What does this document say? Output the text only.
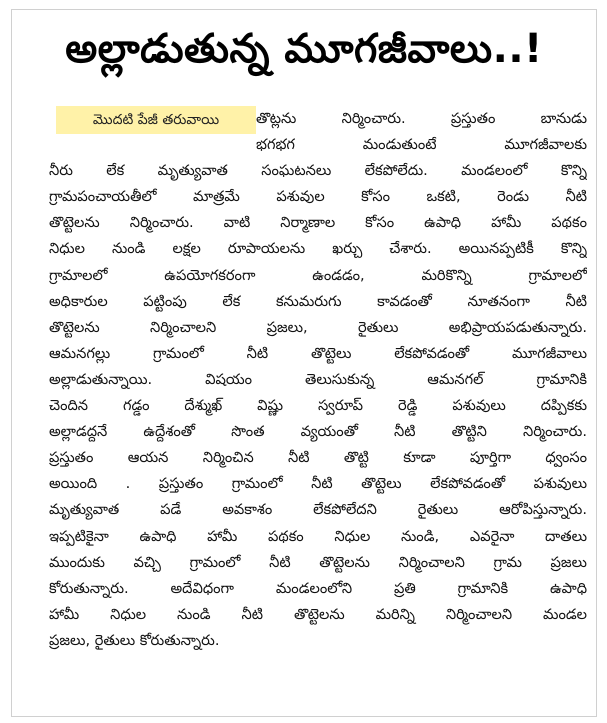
అల్లాడుతున్న మూగజీవాలు..!
తొట్లను నిర్మించారు. ప్రస్తుతం బానుడు
భగభగ మండుతుంటే మూగజీవాలకు
నీరు లేక మృత్యువాత సంఘటనలు లేకపోలేదు. మండలంలో కొన్ని
గ్రామపంచాయతీలో మాత్రమే పశువుల కోసం ఒకటి, రెండు నీటి
తొట్టెలను నిర్మించారు. వాటి నిర్మాణాల కోసం ఉపాధి హామీ పథకం
నిధుల నుండి లక్షల రూపాయలను ఖర్చు చేశారు. అయినప్పటికీ కొన్ని
గ్రామాలలో ఉపయోగకరంగా ఉండడం, మరికొన్ని గ్రామాలలో
అధికారుల పట్టింపు లేక కనుమరుగు కావడంతో నూతనంగా నీటి
తొట్టెలను నిర్మించాలని ప్రజలు, రైతులు అభిప్రాయపడుతున్నారు.
ఆమనగల్లు గ్రామంలో నీటి తొట్టెలు లేకపోవడంతో మూగజీవాలు
అల్లాడుతున్నాయి. విషయం తెలుసుకున్న ఆమనగల్ గ్రామానికి
చెందిన గడ్డం దేశ్ముఖ్ విష్ణు స్వరూప్ రెడ్డి పశువులు దప్పికకు
అల్లాడద్దనే ఉద్దేశంతో సొంత వ్యయంతో నీటి తొట్టిని నిర్మించారు.
ప్రస్తుతం ఆయన నిర్మించిన నీటి తొట్టి కూడా పూర్తిగా ధ్వంసం
అయింది . ప్రస్తుతం గ్రామంలో నీటి తొట్టెలు లేకపోవడంతో పశువులు
మృత్యువాత పడే అవకాశం లేకపోలేదని రైతులు ఆరోపిస్తున్నారు.
ఇప్పటికైనా ఉపాధి హామీ పథకం నిధుల నుండి, ఎవరైనా దాతలు
ముందుకు వచ్చి గ్రామంలో నీటి తొట్టెలను నిర్మించాలని గ్రామ ప్రజలు
కోరుతున్నారు. అదేవిధంగా మండలంలోని ప్రతి గ్రామానికి ఉపాధి
హామీ నిధుల నుండి నీటి తొట్టెలను మరిన్ని నిర్మించాలని మండల
ప్రజలు, రైతులు కోరుతున్నారు.
మొదటి పేజీ తరువాయి
